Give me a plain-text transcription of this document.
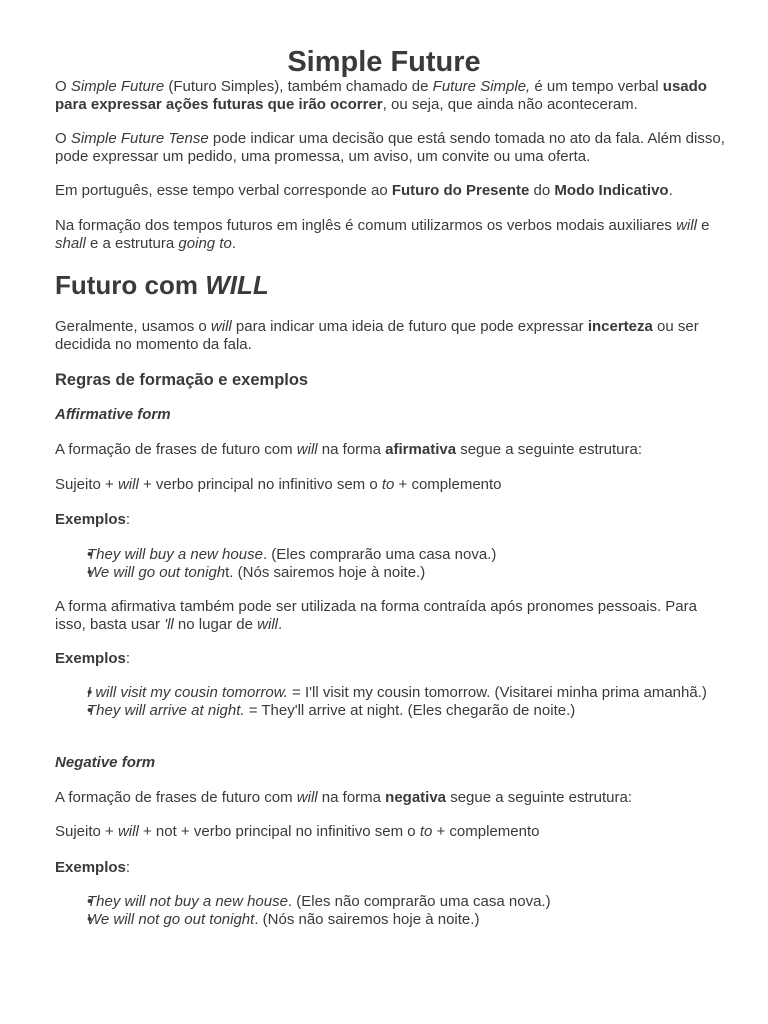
Simple Future

O Simple Future (Futuro Simples), também chamado de Future Simple, é um tempo verbal usado para expressar ações futuras que irão ocorrer, ou seja, que ainda não aconteceram.

O Simple Future Tense pode indicar uma decisão que está sendo tomada no ato da fala. Além disso, pode expressar um pedido, uma promessa, um aviso, um convite ou uma oferta.

Em português, esse tempo verbal corresponde ao Futuro do Presente do Modo Indicativo.

Na formação dos tempos futuros em inglês é comum utilizarmos os verbos modais auxiliares will e shall e a estrutura going to.

Futuro com WILL

Geralmente, usamos o will para indicar uma ideia de futuro que pode expressar incerteza ou ser decidida no momento da fala.

Regras de formação e exemplos
Affirmative form

A formação de frases de futuro com will na forma afirmativa segue a seguinte estrutura:

Sujeito + will + verbo principal no infinitivo sem o to + complemento

Exemplos:

• They will buy a new house. (Eles comprarão uma casa nova.)
• We will go out tonight. (Nós sairemos hoje à noite.)

A forma afirmativa também pode ser utilizada na forma contraída após pronomes pessoais. Para isso, basta usar 'll no lugar de will.

Exemplos:

• I will visit my cousin tomorrow. = I'll visit my cousin tomorrow. (Visitarei minha prima amanhã.)
• They will arrive at night. = They'll arrive at night. (Eles chegarão de noite.)
Negative form

A formação de frases de futuro com will na forma negativa segue a seguinte estrutura:

Sujeito + will + not + verbo principal no infinitivo sem o to + complemento

Exemplos:

• They will not buy a new house. (Eles não comprarão uma casa nova.)
• We will not go out tonight. (Nós não sairemos hoje à noite.)
